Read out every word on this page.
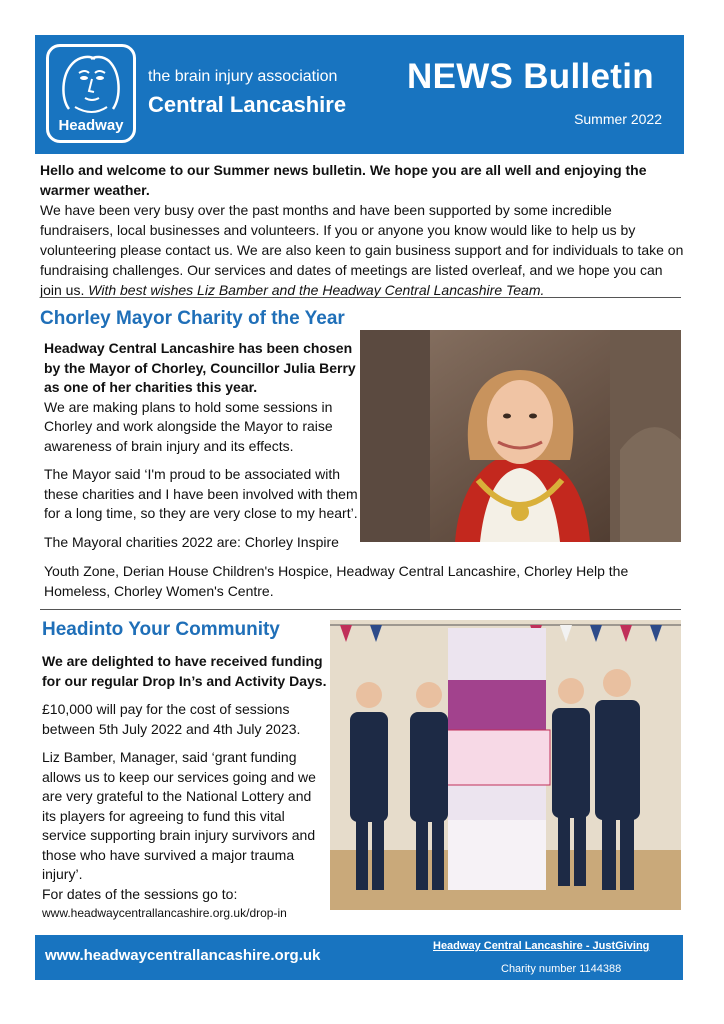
Headway
the brain injury association
Central Lancashire
NEWS Bulletin
Summer 2022
Hello and welcome to our Summer news bulletin. We hope you are all well and enjoying the warmer weather.
We have been very busy over the past months and have been supported by some incredible fundraisers, local businesses and volunteers. If you or anyone you know would like to help us by volunteering please contact us. We are also keen to gain business support and for individuals to take on fundraising challenges. Our services and dates of meetings are listed overleaf, and we hope you can join us. With best wishes Liz Bamber and the Headway Central Lancashire Team.
Chorley Mayor Charity of the Year
Headway Central Lancashire has been chosen by the Mayor of Chorley, Councillor Julia Berry as one of her charities this year.
We are making plans to hold some sessions in Chorley and work alongside the Mayor to raise awareness of brain injury and its effects.
The Mayor said ‘I'm proud to be associated with these charities and I have been involved with them for a long time, so they are very close to my heart’.
The Mayoral charities 2022 are: Chorley Inspire
Youth Zone, Derian House Children's Hospice, Headway Central Lancashire, Chorley Help the Homeless, Chorley Women's Centre.
Headinto Your Community
We are delighted to have received funding for our regular Drop In’s and Activity Days.
£10,000 will pay for the cost of sessions between 5th July 2022 and 4th July 2023.
Liz Bamber, Manager, said ‘grant funding allows us to keep our services going and we are very grateful to the National Lottery and its players for agreeing to fund this vital service supporting brain injury survivors and those who have survived a major trauma injury’.
For dates of the sessions go to:
www.headwaycentrallancashire.org.uk/drop-in
www.headwaycentrallancashire.org.uk
Headway Central Lancashire - JustGiving
Charity number 1144388
